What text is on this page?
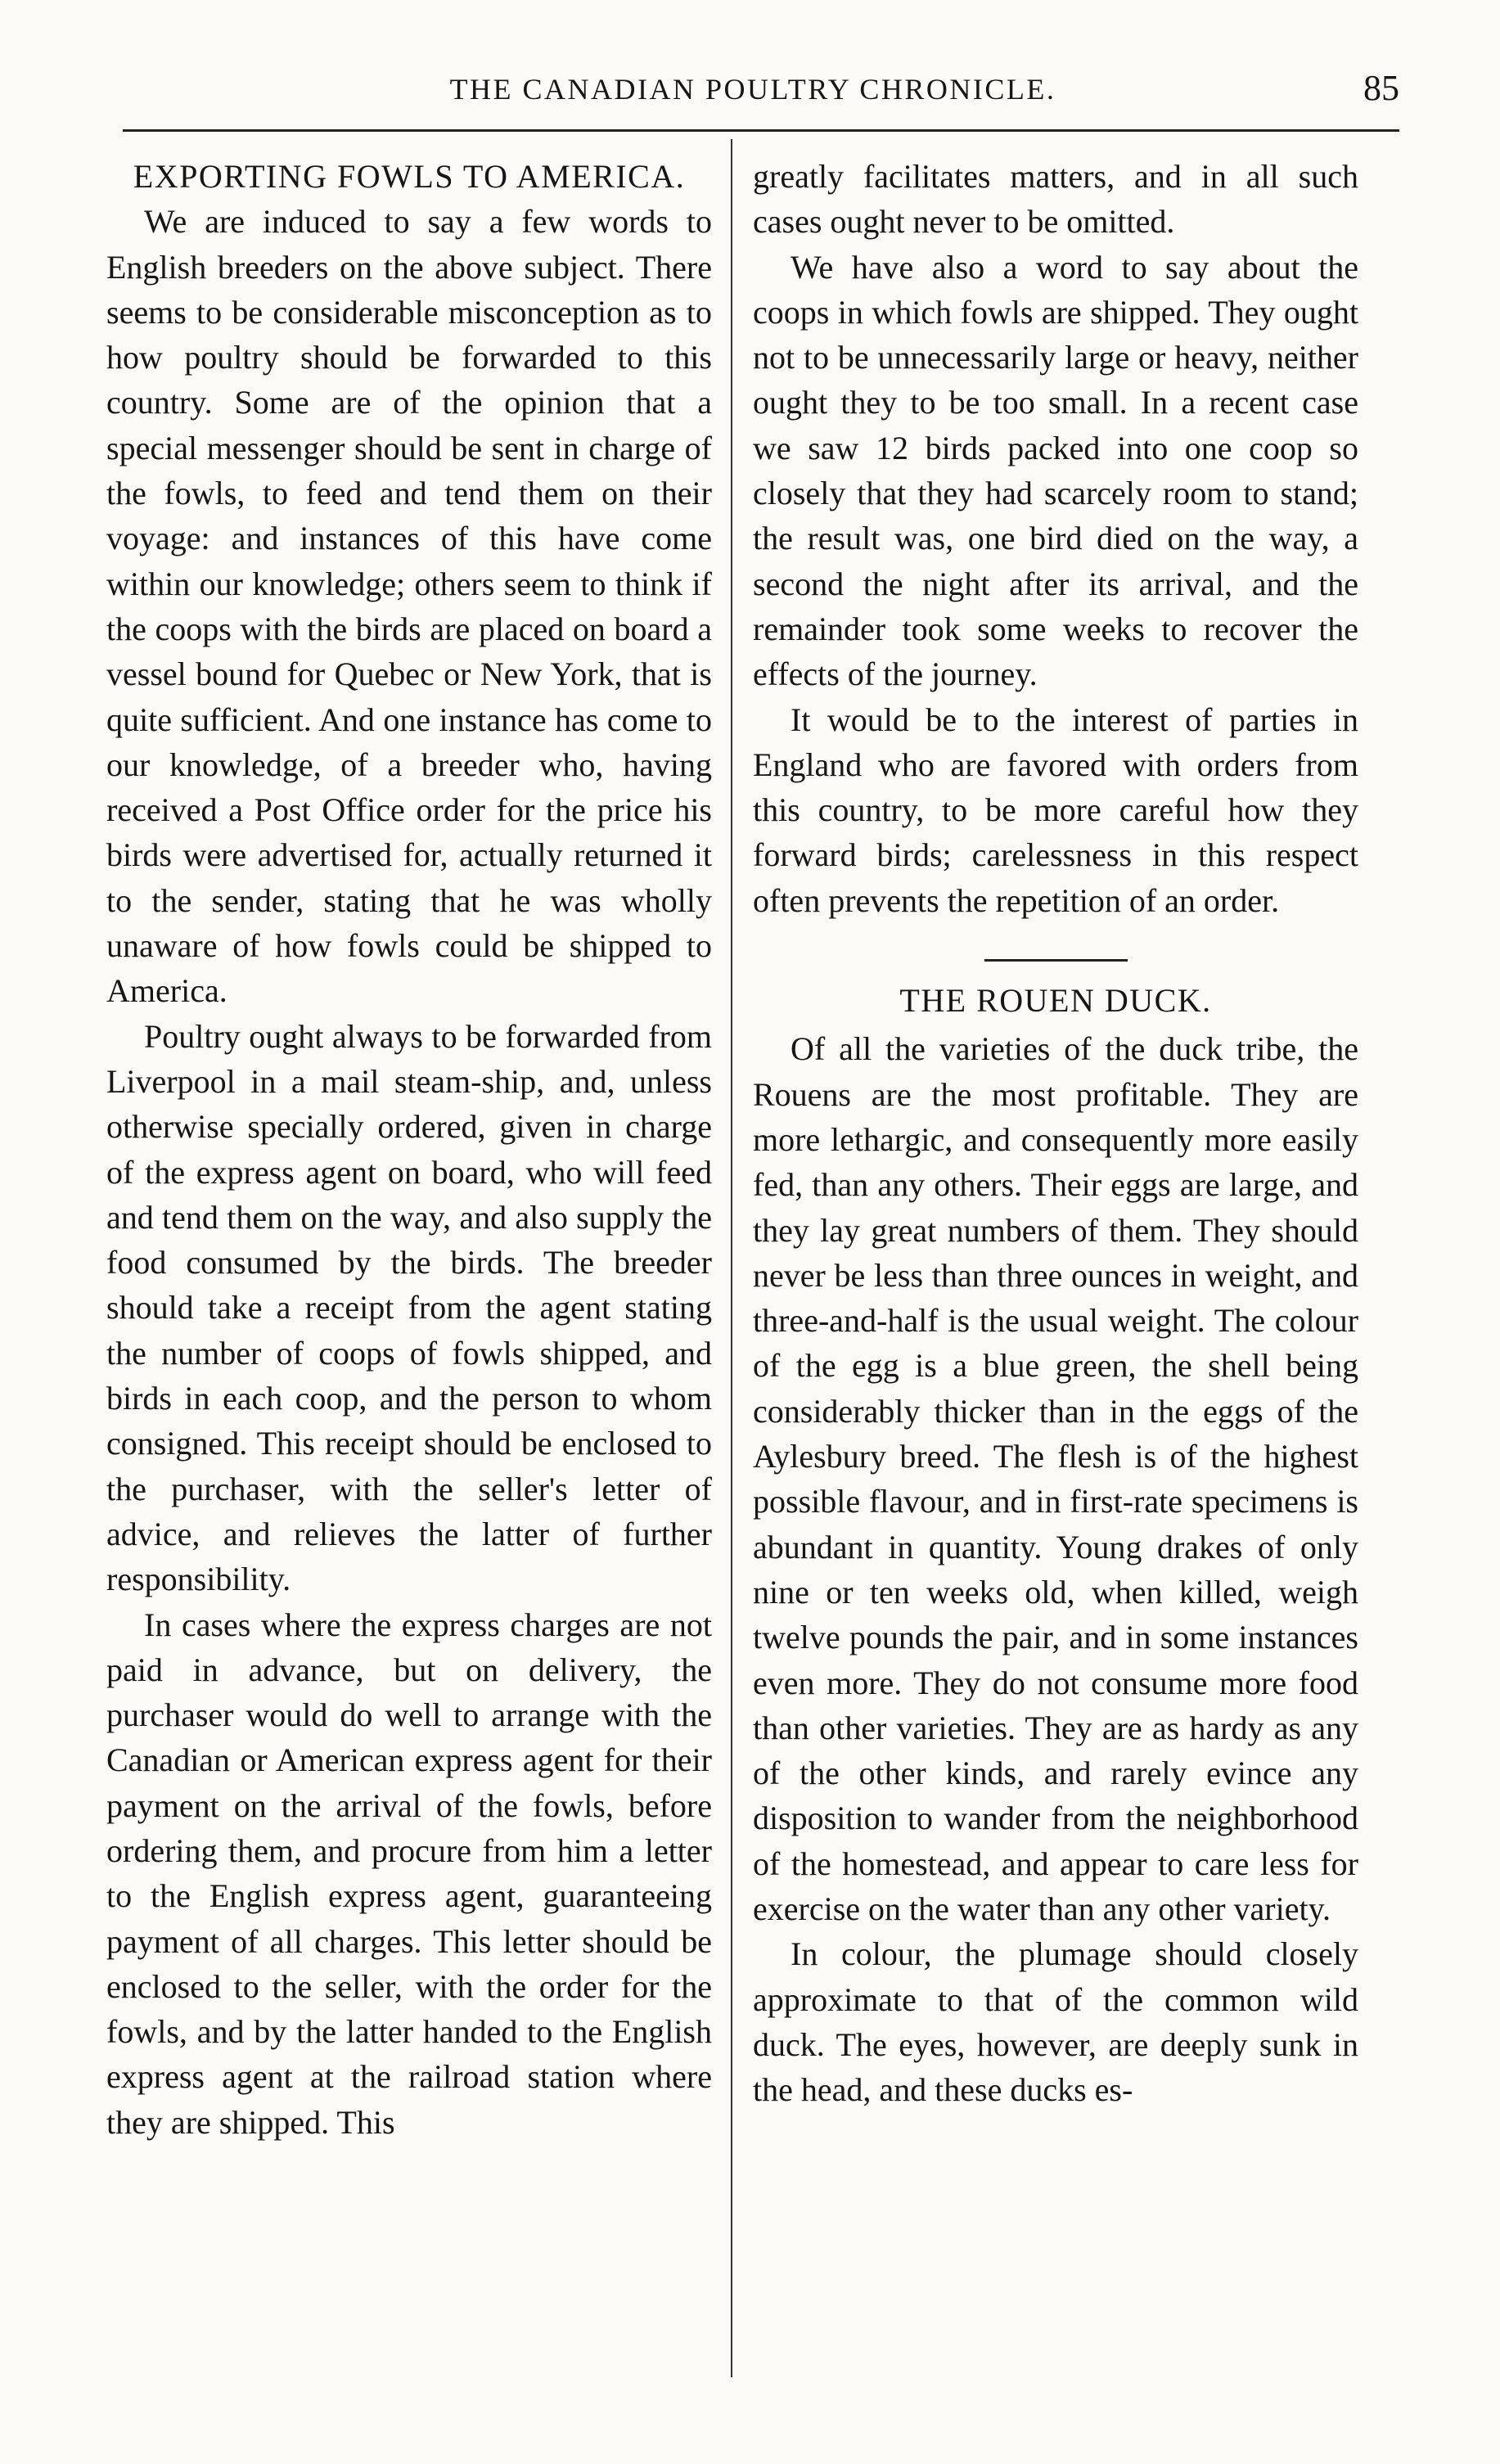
THE CANADIAN POULTRY CHRONICLE.	85
EXPORTING FOWLS TO AMERICA.

We are induced to say a few words to English breeders on the above subject. There seems to be considerable misconception as to how poultry should be forwarded to this country. Some are of the opinion that a special messenger should be sent in charge of the fowls, to feed and tend them on their voyage: and instances of this have come within our knowledge; others seem to think if the coops with the birds are placed on board a vessel bound for Quebec or New York, that is quite sufficient. And one instance has come to our knowledge, of a breeder who, having received a Post Office order for the price his birds were advertised for, actually returned it to the sender, stating that he was wholly unaware of how fowls could be shipped to America.

Poultry ought always to be forwarded from Liverpool in a mail steam-ship, and, unless otherwise specially ordered, given in charge of the express agent on board, who will feed and tend them on the way, and also supply the food consumed by the birds. The breeder should take a receipt from the agent stating the number of coops of fowls shipped, and birds in each coop, and the person to whom consigned. This receipt should be enclosed to the purchaser, with the seller's letter of advice, and relieves the latter of further responsibility.

In cases where the express charges are not paid in advance, but on delivery, the purchaser would do well to arrange with the Canadian or American express agent for their payment on the arrival of the fowls, before ordering them, and procure from him a letter to the English express agent, guaranteeing payment of all charges. This letter should be enclosed to the seller, with the order for the fowls, and by the latter handed to the English express agent at the railroad station where they are shipped. This

greatly facilitates matters, and in all such cases ought never to be omitted.

We have also a word to say about the coops in which fowls are shipped. They ought not to be unnecessarily large or heavy, neither ought they to be too small. In a recent case we saw 12 birds packed into one coop so closely that they had scarcely room to stand; the result was, one bird died on the way, a second the night after its arrival, and the remainder took some weeks to recover the effects of the journey.

It would be to the interest of parties in England who are favored with orders from this country, to be more careful how they forward birds; carelessness in this respect often prevents the repetition of an order.

THE ROUEN DUCK.

Of all the varieties of the duck tribe, the Rouens are the most profitable. They are more lethargic, and consequently more easily fed, than any others. Their eggs are large, and they lay great numbers of them. They should never be less than three ounces in weight, and three-and-half is the usual weight. The colour of the egg is a blue green, the shell being considerably thicker than in the eggs of the Aylesbury breed. The flesh is of the highest possible flavour, and in first-rate specimens is abundant in quantity. Young drakes of only nine or ten weeks old, when killed, weigh twelve pounds the pair, and in some instances even more. They do not consume more food than other varieties. They are as hardy as any of the other kinds, and rarely evince any disposition to wander from the neighborhood of the homestead, and appear to care less for exercise on the water than any other variety.

In colour, the plumage should closely approximate to that of the common wild duck. The eyes, however, are deeply sunk in the head, and these ducks es-
